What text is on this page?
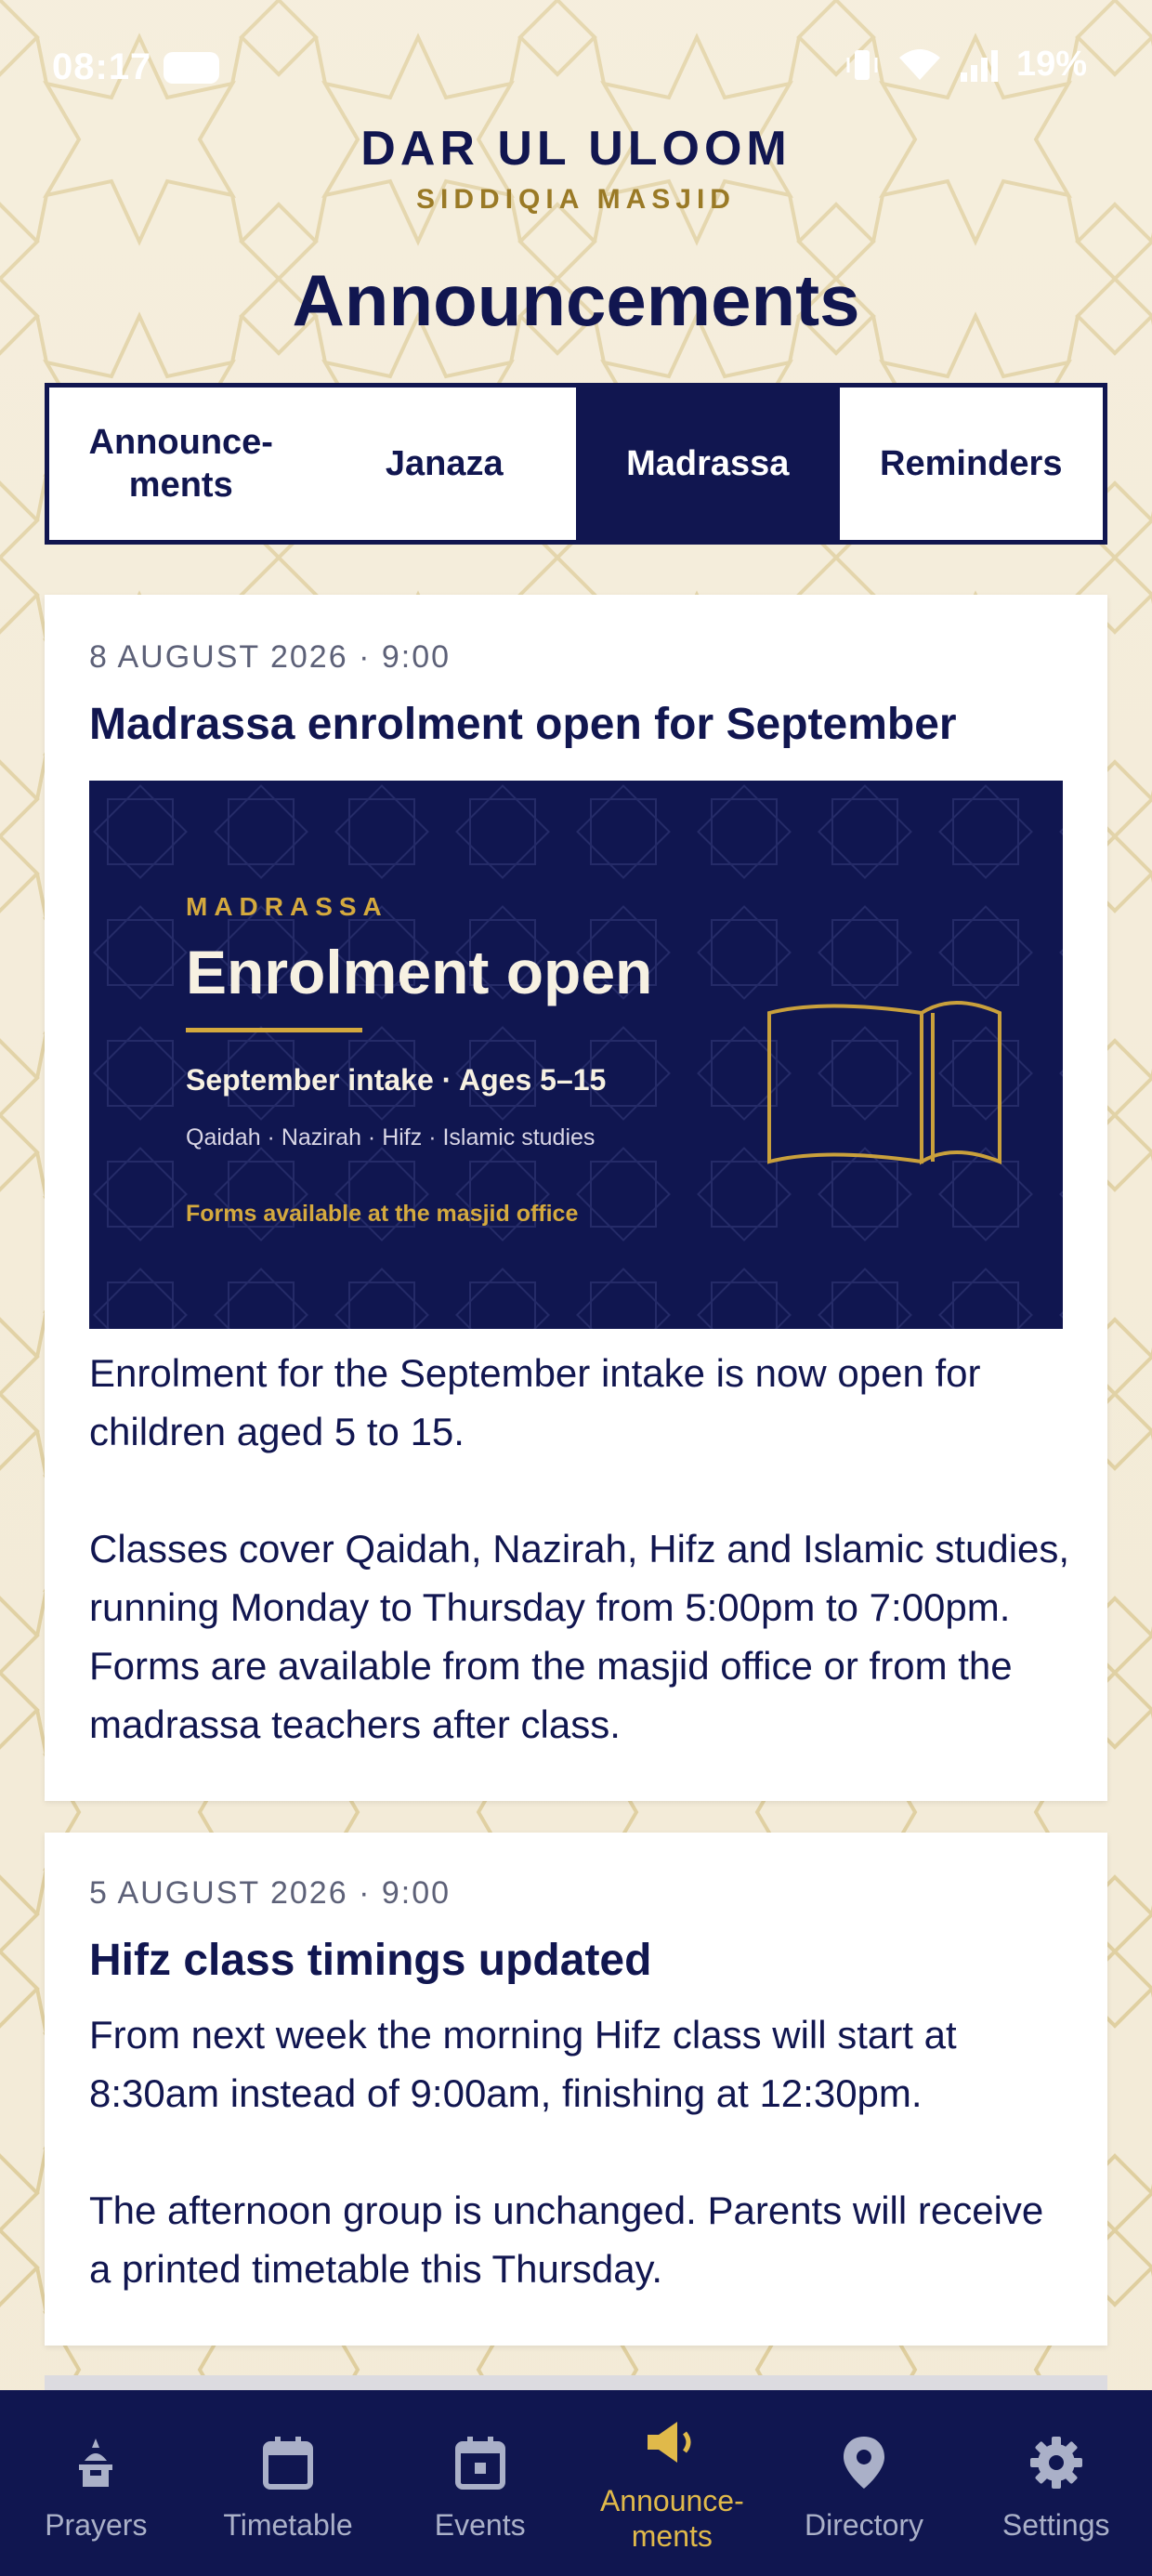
08:17	19%
DAR UL ULOOM
SIDDIQIA MASJID
Announcements
Announce-
ments
Janaza	Madrassa	Reminders
8 AUGUST 2026 · 9:00
Madrassa enrolment open for September
MADRASSA
Enrolment open
September intake · Ages 5–15
Qaidah · Nazirah · Hifz · Islamic studies
Forms available at the masjid office

Enrolment for the September intake is now open for children aged 5 to 15.

Classes cover Qaidah, Nazirah, Hifz and Islamic studies, running Monday to Thursday from 5:00pm to 7:00pm. Forms are available from the masjid office or from the madrassa teachers after class.

5 AUGUST 2026 · 9:00
Hifz class timings updated

From next week the morning Hifz class will start at 8:30am instead of 9:00am, finishing at 12:30pm.

The afternoon group is unchanged. Parents will receive a printed timetable this Thursday.

Prayers	Timetable	Events
Announce-
ments	Directory	Settings
